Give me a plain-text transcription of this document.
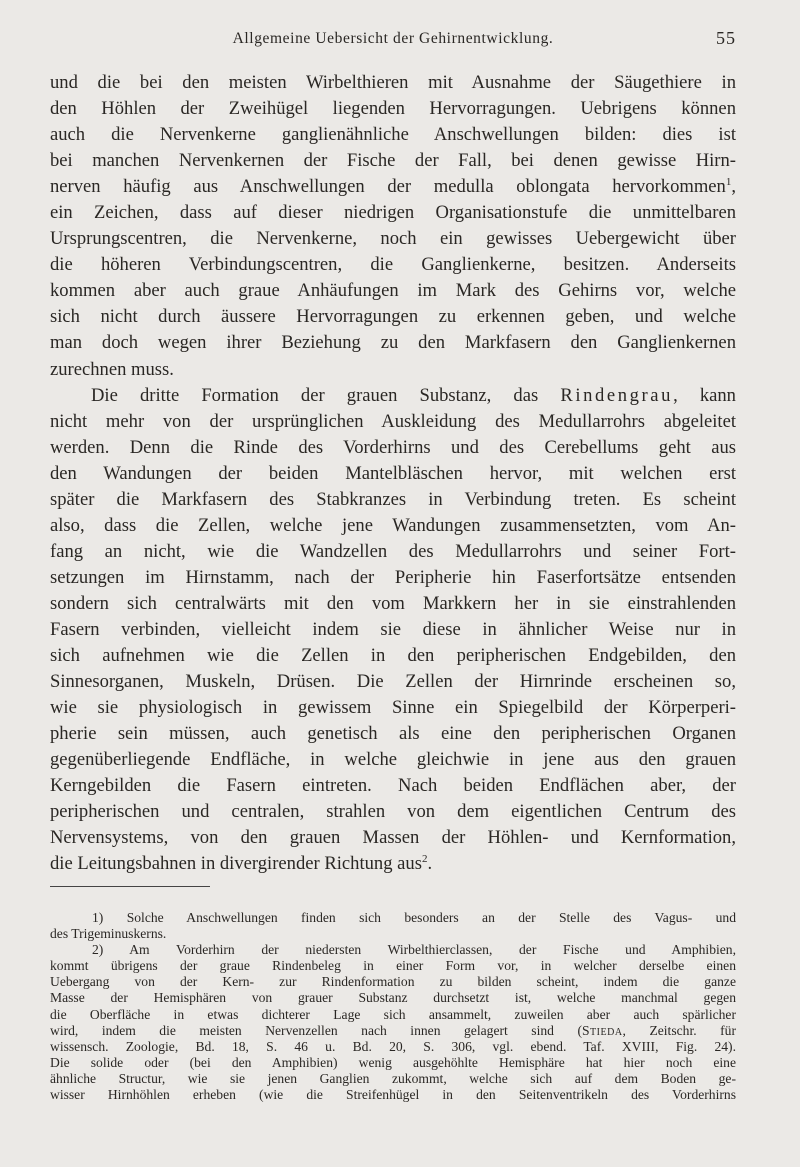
Allgemeine Uebersicht der Gehirnentwicklung.	55
und die bei den meisten Wirbelthieren mit Ausnahme der Säugethiere in
den Höhlen der Zweihügel liegenden Hervorragungen. Uebrigens können
auch die Nervenkerne ganglienähnliche Anschwellungen bilden: dies ist
bei manchen Nervenkernen der Fische der Fall, bei denen gewisse Hirn-
nerven häufig aus Anschwellungen der medulla oblongata hervorkommen$^1$,
ein Zeichen, dass auf dieser niedrigen Organisationstufe die unmittelbaren
Ursprungscentren, die Nervenkerne, noch ein gewisses Uebergewicht über
die höheren Verbindungscentren, die Ganglienkerne, besitzen. Anderseits
kommen aber auch graue Anhäufungen im Mark des Gehirns vor, welche
sich nicht durch äussere Hervorragungen zu erkennen geben, und welche
man doch wegen ihrer Beziehung zu den Markfasern den Ganglienkernen
zurechnen muss.
Die dritte Formation der grauen Substanz, das Rindengrau, kann
nicht mehr von der ursprünglichen Auskleidung des Medullarrohrs abgeleitet
werden. Denn die Rinde des Vorderhirns und des Cerebellums geht aus
den Wandungen der beiden Mantelbläschen hervor, mit welchen erst
später die Markfasern des Stabkranzes in Verbindung treten. Es scheint
also, dass die Zellen, welche jene Wandungen zusammensetzten, vom An-
fang an nicht, wie die Wandzellen des Medullarrohrs und seiner Fort-
setzungen im Hirnstamm, nach der Peripherie hin Faserfortsätze entsenden
sondern sich centralwärts mit den vom Markkern her in sie einstrahlenden
Fasern verbinden, vielleicht indem sie diese in ähnlicher Weise nur in
sich aufnehmen wie die Zellen in den peripherischen Endgebilden, den
Sinnesorganen, Muskeln, Drüsen. Die Zellen der Hirnrinde erscheinen so,
wie sie physiologisch in gewissem Sinne ein Spiegelbild der Körperperi-
pherie sein müssen, auch genetisch als eine den peripherischen Organen
gegenüberliegende Endfläche, in welche gleichwie in jene aus den grauen
Kerngebilden die Fasern eintreten. Nach beiden Endflächen aber, der
peripherischen und centralen, strahlen von dem eigentlichen Centrum des
Nervensystems, von den grauen Massen der Höhlen- und Kernformation,
die Leitungsbahnen in divergirender Richtung aus$^2$.
1) Solche Anschwellungen finden sich besonders an der Stelle des Vagus- und
des Trigeminuskerns.
2) Am Vorderhirn der niedersten Wirbelthierclassen, der Fische und Amphibien,
kommt übrigens der graue Rindenbeleg in einer Form vor, in welcher derselbe einen
Uebergang von der Kern- zur Rindenformation zu bilden scheint, indem die ganze
Masse der Hemisphären von grauer Substanz durchsetzt ist, welche manchmal gegen
die Oberfläche in etwas dichterer Lage sich ansammelt, zuweilen aber auch spärlicher
wird, indem die meisten Nervenzellen nach innen gelagert sind (Stieda, Zeitschr. für
wissensch. Zoologie, Bd. 18, S. 46 u. Bd. 20, S. 306, vgl. ebend. Taf. XVIII, Fig. 24).
Die solide oder (bei den Amphibien) wenig ausgehöhlte Hemisphäre hat hier noch eine
ähnliche Structur, wie sie jenen Ganglien zukommt, welche sich auf dem Boden ge-
wisser Hirnhöhlen erheben (wie die Streifenhügel in den Seitenventrikeln des Vorderhirns
